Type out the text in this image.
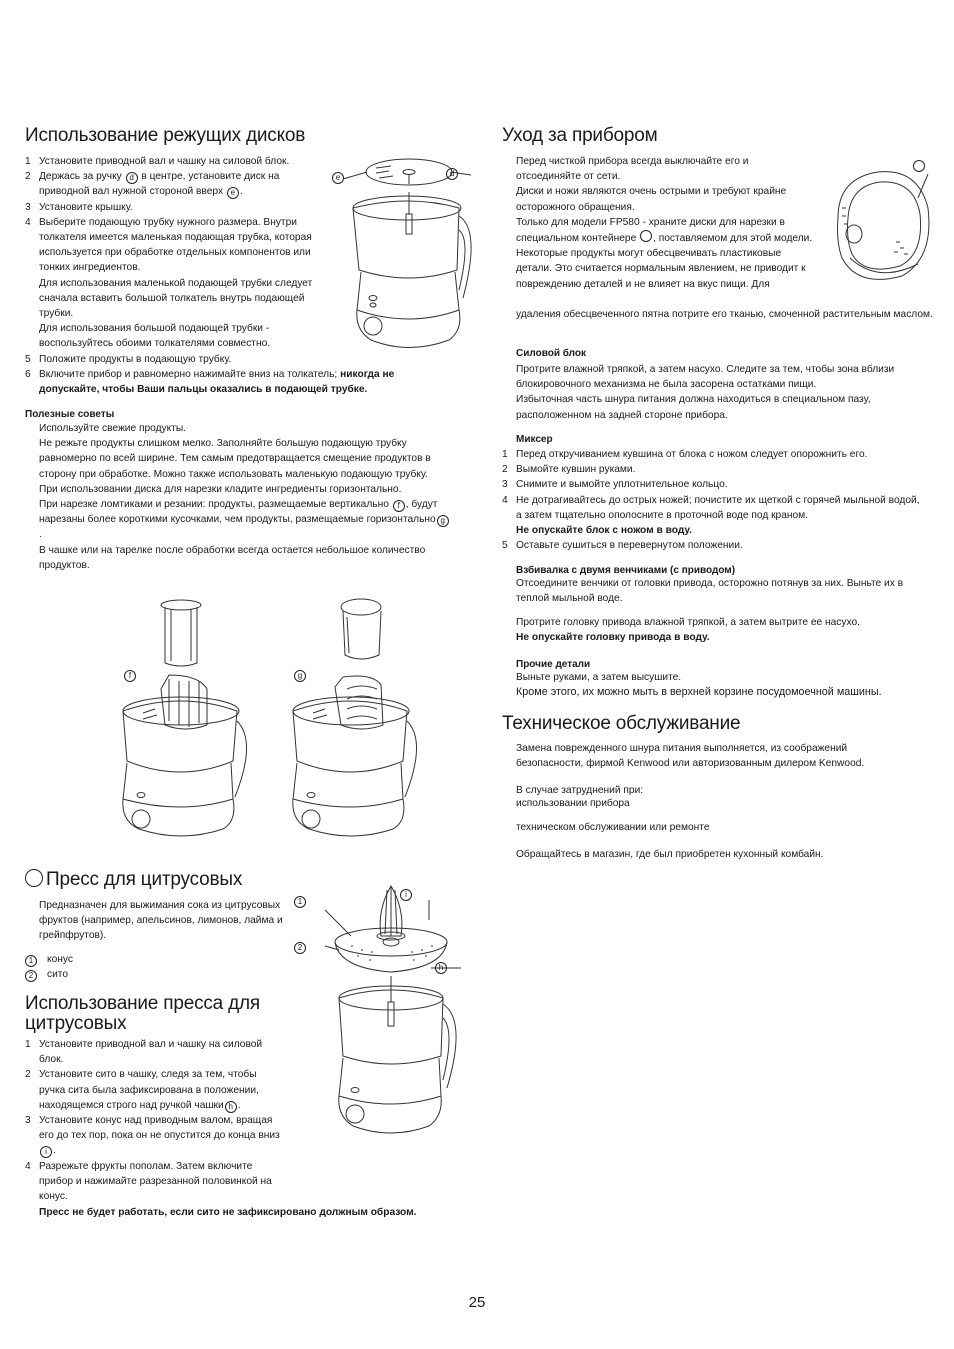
Использование режущих дисков
1 Установите приводной вал и чашку на силовой блок.
2 Держась за ручку d в центре, установите диск на приводной вал нужной стороной вверх e .
3 Установите крышку.
4 Выберите подающую трубку нужного размера. Внутри толкателя имеется маленькая подающая трубка, которая используется при обработке отдельных компонентов или тонких ингредиентов.
Для использования маленькой подающей трубки следует сначала вставить большой толкатель внутрь подающей трубки.
Для использования большой подающей трубки - воспользуйтесь обоими толкателями совместно.
5 Положите продукты в подающую трубку.
6 Включите прибор и равномерно нажимайте вниз на толкатель; никогда не допускайте, чтобы Ваши пальцы оказались в подающей трубке.
Полезные советы

Используйте свежие продукты.

Не режьте продукты слишком мелко. Заполняйте большую подающую трубку равномерно по всей ширине. Тем самым предотвращается смещение продуктов в сторону при обработке. Можно также использовать маленькую подающую трубку.

При использовании диска для нарезки кладите ингредиенты горизонтально.

При нарезке ломтиками и резании: продукты, размещаемые вертикально f , будут нарезаны более короткими кусочками, чем продукты, размещаемые горизонтально g.

В чашке или на тарелке после обработки всегда остается небольшое количество продуктов.

e	d
f	g
Пресс для цитрусовых
Предназначен для выжимания сока из цитрусовых фруктов (например, апельсинов, лимонов, лайма и грейпфрутов).
1 конус
2 сито
Использование пресса для
цитрусовых
1 Установите приводной вал и чашку на силовой блок.
2 Установите сито в чашку, следя за тем, чтобы ручка сита была зафиксирована в положении, находящемся строго над ручкой чашки h .
3 Установите конус над приводным валом, вращая его до тех пор, пока он не опустится до конца внизi .
4 Разрежьте фрукты пополам. Затем включите прибор и нажимайте разрезанной половинкой на конус.
Пресс не будет работать, если сито не зафиксировано должным образом.
1
2
i
h
Уход за прибором

Перед чисткой прибора всегда выключайте его и отсоединяйте от сети.

Диски и ножи являются очень острыми и требуют крайне осторожного обращения.

Только для модели FP580 - храните диски для нарезки в специальном контейнере , поставляемом для этой модели.

Некоторые продукты могут обесцвечивать пластиковые детали. Это считается нормальным явлением, не приводит к повреждению деталей и не влияет на вкус пищи. Для

удаления обесцвеченного пятна потрите его тканью, смоченной растительным маслом.
Силовой блок

Протрите влажной тряпкой, а затем насухо. Следите за тем, чтобы зона вблизи блокировочного механизма не была засорена остатками пищи.

Избыточная часть шнура питания должна находиться в специальном пазу, расположенном на задней стороне прибора.

Миксер
1 Перед откручиванием кувшина от блока с ножом следует опорожнить его.
2 Вымойте кувшин руками.
3 Снимите и вымойте уплотнительное кольцо.
4 Не дотрагивайтесь до острых ножей; почистите их щеткой с горячей мыльной водой, а затем тщательно ополосните в проточной воде под краном.
Не опускайте блок с ножом в воду.
5 Оставьте сушиться в перевернутом положении.
Взбивалка с двумя венчиками (с приводом)
Отсоедините венчики от головки привода, осторожно потянув за них. Выньте их в теплой мыльной воде.

Протрите головку привода влажной тряпкой, а затем вытрите ее насухо.

Не опускайте головку привода в воду.

Прочие детали

Выньте руками, а затем высушите.

Кроме этого, их можно мыть в верхней корзине посудомоечной машины.

Техническое обслуживание

Замена поврежденного шнура питания выполняется, из соображений безопасности, фирмой Kenwood или авторизованным дилером Kenwood.

В случае затруднений при:

использовании прибора

техническом обслуживании или ремонте
Обращайтесь в магазин, где был приобретен кухонный комбайн.
25
